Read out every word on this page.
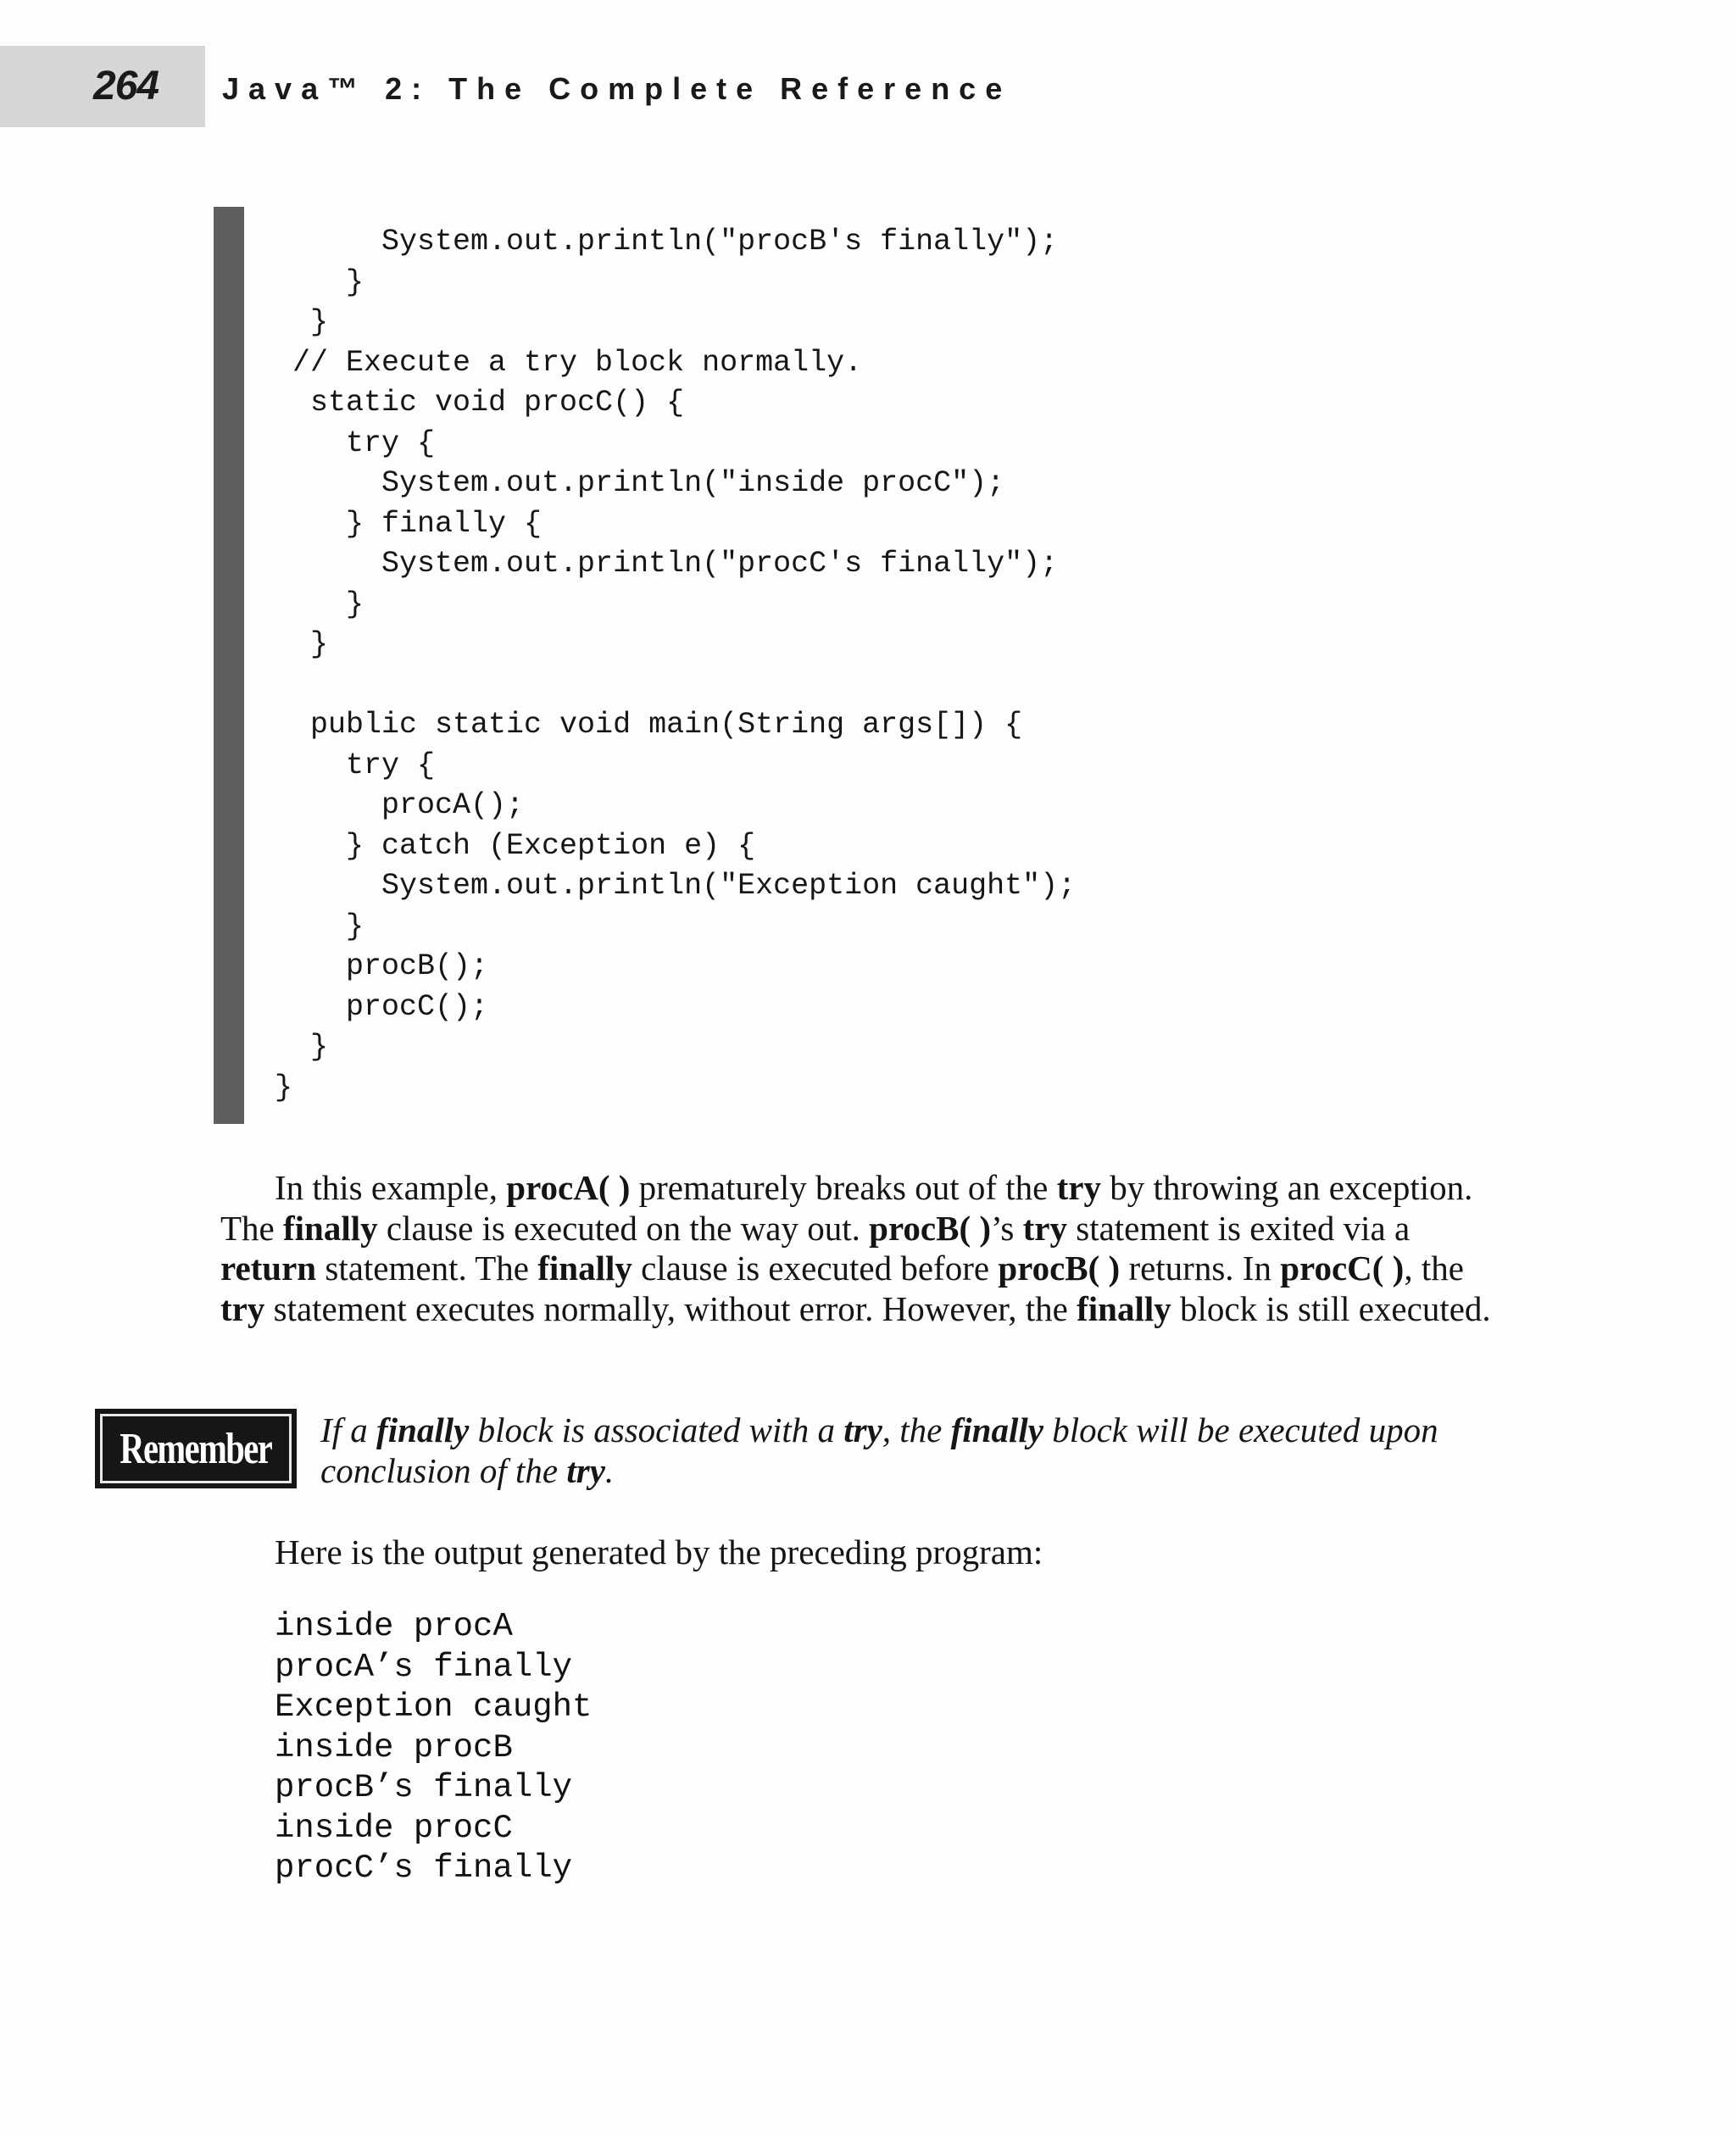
264 Java™ 2: The Complete Reference
System.out.println("procB's finally");
}
}
// Execute a try block normally.
static void procC() {
try {
System.out.println("inside procC");
} finally {
System.out.println("procC's finally");
}
}

public static void main(String args[]) {
try {
procA();
} catch (Exception e) {
System.out.println("Exception caught");
}
procB();
procC();
}
}

In this example, procA( ) prematurely breaks out of the try by throwing an exception. The finally clause is executed on the way out. procB( )’s try statement is exited via a return statement. The finally clause is executed before procB( ) returns. In procC( ), the try statement executes normally, without error. However, the finally block is still executed.

Remember If a finally block is associated with a try, the finally block will be executed upon conclusion of the try.

Here is the output generated by the preceding program:

inside procA
procA’s finally
Exception caught
inside procB
procB’s finally
inside procC
procC’s finally
